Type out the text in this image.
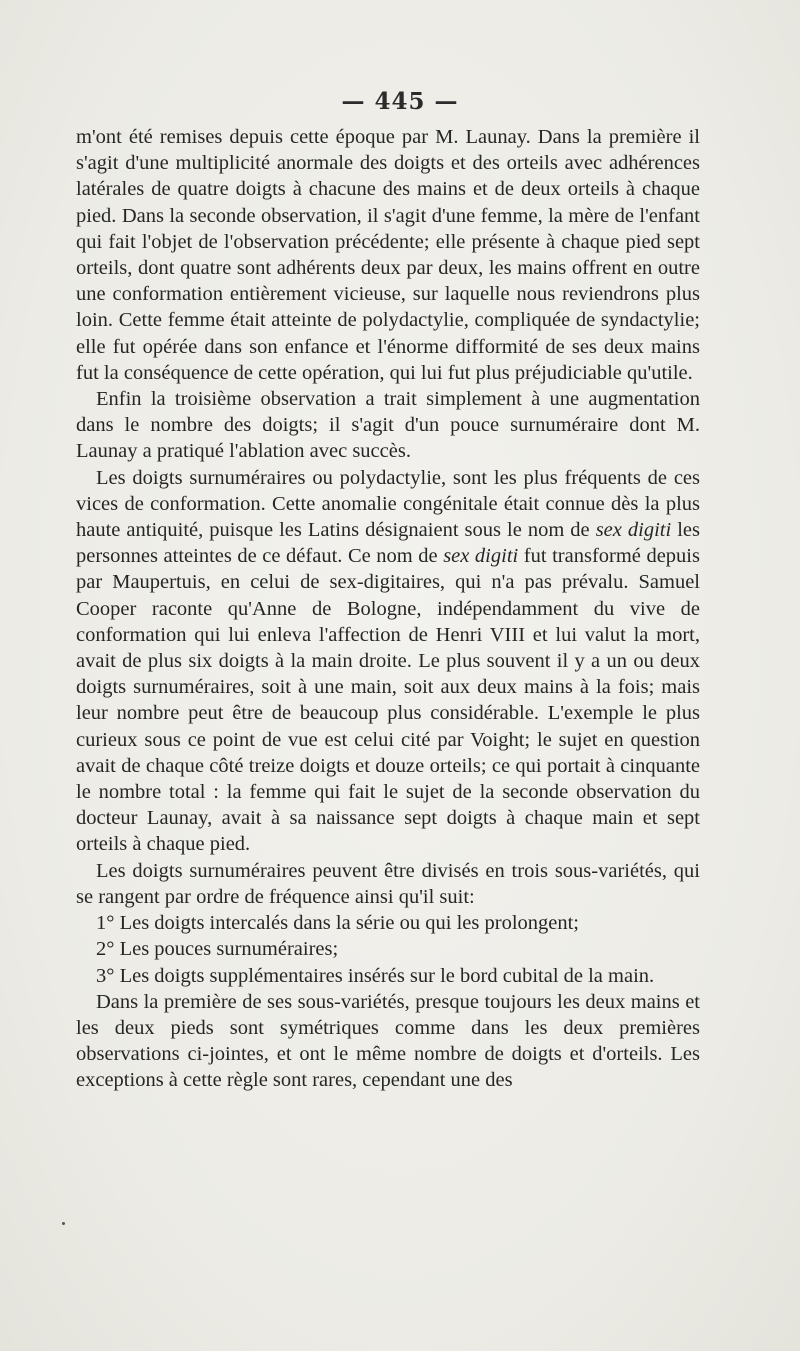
— 445 —

m'ont été remises depuis cette époque par M. Launay. Dans la première il s'agit d'une multiplicité anormale des doigts et des orteils avec adhérences latérales de quatre doigts à chacune des mains et de deux orteils à chaque pied. Dans la seconde observation, il s'agit d'une femme, la mère de l'enfant qui fait l'objet de l'observation précédente; elle présente à chaque pied sept orteils, dont quatre sont adhérents deux par deux, les mains offrent en outre une conformation entièrement vicieuse, sur laquelle nous reviendrons plus loin. Cette femme était atteinte de polydactylie, compliquée de syndactylie; elle fut opérée dans son enfance et l'énorme difformité de ses deux mains fut la conséquence de cette opération, qui lui fut plus préjudiciable qu'utile.

Enfin la troisième observation a trait simplement à une augmentation dans le nombre des doigts; il s'agit d'un pouce surnuméraire dont M. Launay a pratiqué l'ablation avec succès.

Les doigts surnuméraires ou polydactylie, sont les plus fréquents de ces vices de conformation. Cette anomalie congénitale était connue dès la plus haute antiquité, puisque les Latins désignaient sous le nom de sex digiti les personnes atteintes de ce défaut. Ce nom de sex digiti fut transformé depuis par Maupertuis, en celui de sex-digitaires, qui n'a pas prévalu. Samuel Cooper raconte qu'Anne de Bologne, indépendamment du vive de conformation qui lui enleva l'affection de Henri VIII et lui valut la mort, avait de plus six doigts à la main droite. Le plus souvent il y a un ou deux doigts surnuméraires, soit à une main, soit aux deux mains à la fois; mais leur nombre peut être de beaucoup plus considérable. L'exemple le plus curieux sous ce point de vue est celui cité par Voight; le sujet en question avait de chaque côté treize doigts et douze orteils; ce qui portait à cinquante le nombre total : la femme qui fait le sujet de la seconde observation du docteur Launay, avait à sa naissance sept doigts à chaque main et sept orteils à chaque pied.

Les doigts surnuméraires peuvent être divisés en trois sous-variétés, qui se rangent par ordre de fréquence ainsi qu'il suit:

1° Les doigts intercalés dans la série ou qui les prolongent;

2° Les pouces surnuméraires;

3° Les doigts supplémentaires insérés sur le bord cubital de la main.

Dans la première de ses sous-variétés, presque toujours les deux mains et les deux pieds sont symétriques comme dans les deux premières observations ci-jointes, et ont le même nombre de doigts et d'orteils. Les exceptions à cette règle sont rares, cependant une des
